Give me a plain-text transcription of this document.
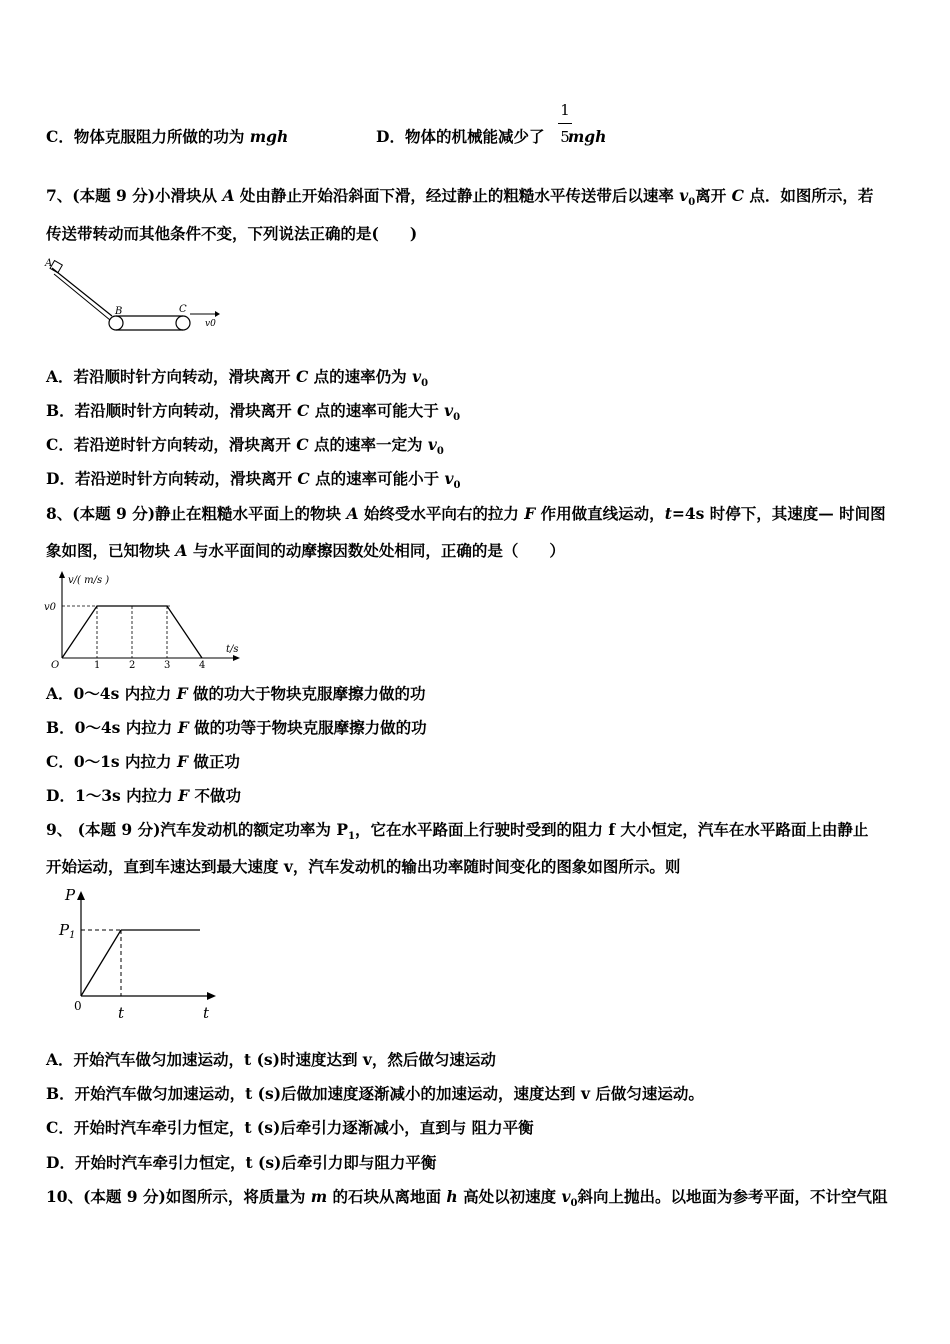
C．物体克服阻力所做的功为 mgh	D．物体的机械能减少了 mgh
1
5
7、(本题 9 分)小滑块从 A 处由静止开始沿斜面下滑，经过静止的粗糙水平传送带后以速率 $v_0$离开 C 点．如图所示，若
传送带转动而其他条件不变，下列说法正确的是(　　)
A
B	C
v0
A．若沿顺时针方向转动，滑块离开 C 点的速率仍为 $v_0$
B．若沿顺时针方向转动，滑块离开 C 点的速率可能大于 $v_0$
C．若沿逆时针方向转动，滑块离开 C 点的速率一定为 $v_0$
D．若沿逆时针方向转动，滑块离开 C 点的速率可能小于 $v_0$
8、(本题 9 分)静止在粗糙水平面上的物块 A 始终受水平向右的拉力 F 作用做直线运动，t=4s 时停下，其速度— 时间图
象如图，已知物块 A 与水平面间的动摩擦因数处处相同，正确的是（　　）
v/( m/s )
v0
O
t/s
1	2	3	4
A．0～4s 内拉力 F 做的功大于物块克服摩擦力做的功
B．0～4s 内拉力 F 做的功等于物块克服摩擦力做的功
C．0～1s 内拉力 F 做正功
D．1～3s 内拉力 F 不做功
9、 (本题 9 分)汽车发动机的额定功率为 $P_1$，它在水平路面上行驶时受到的阻力 f 大小恒定，汽车在水平路面上由静止
开始运动，直到车速达到最大速度 v，汽车发动机的输出功率随时间变化的图象如图所示。则
P
$P_1$
0 t	t
A．开始汽车做匀加速运动，t (s)时速度达到 v，然后做匀速运动
B．开始汽车做匀加速运动，t (s)后做加速度逐渐减小的加速运动，速度达到 v 后做匀速运动。
C．开始时汽车牵引力恒定，t (s)后牵引力逐渐减小，直到与 阻力平衡
D．开始时汽车牵引力恒定，t (s)后牵引力即与阻力平衡
10、(本题 9 分)如图所示，将质量为 m 的石块从离地面 h 高处以初速度 $v_0$斜向上抛出。以地面为参考平面，不计空气阻
